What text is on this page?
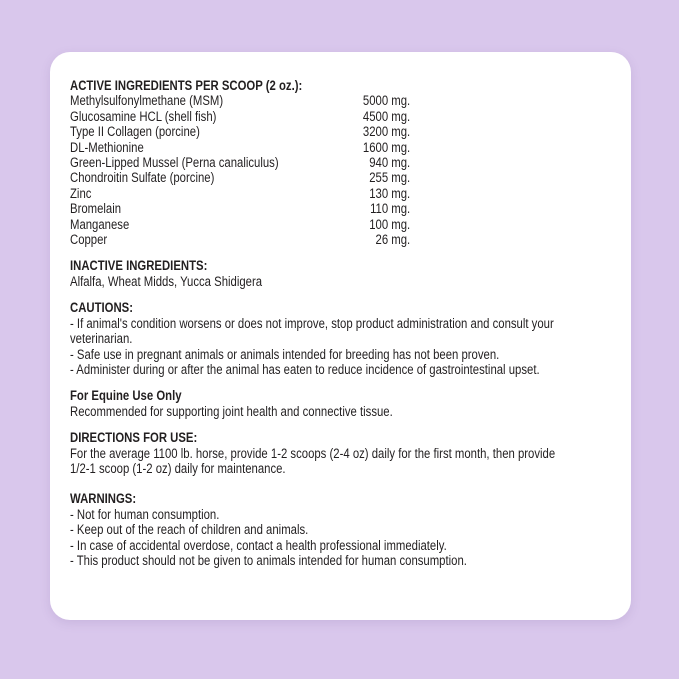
ACTIVE INGREDIENTS PER SCOOP (2 oz.):
Methylsulfonylmethane (MSM)	5000 mg.
Glucosamine HCL (shell fish)	4500 mg.
Type II Collagen (porcine)	3200 mg.
DL-Methionine	1600 mg.
Green-Lipped Mussel (Perna canaliculus)	940 mg.
Chondroitin Sulfate (porcine)	255 mg.
Zinc	130 mg.
Bromelain	110 mg.
Manganese	100 mg.
Copper	26 mg.
INACTIVE INGREDIENTS:
Alfalfa, Wheat Midds, Yucca Shidigera
CAUTIONS:
- If animal's condition worsens or does not improve, stop product administration and consult your
veterinarian.
- Safe use in pregnant animals or animals intended for breeding has not been proven.
- Administer during or after the animal has eaten to reduce incidence of gastrointestinal upset.
For Equine Use Only
Recommended for supporting joint health and connective tissue.
DIRECTIONS FOR USE:
For the average 1100 lb. horse, provide 1-2 scoops (2-4 oz) daily for the first month, then provide
1/2-1 scoop (1-2 oz) daily for maintenance.
WARNINGS:
- Not for human consumption.
- Keep out of the reach of children and animals.
- In case of accidental overdose, contact a health professional immediately.
- This product should not be given to animals intended for human consumption.
